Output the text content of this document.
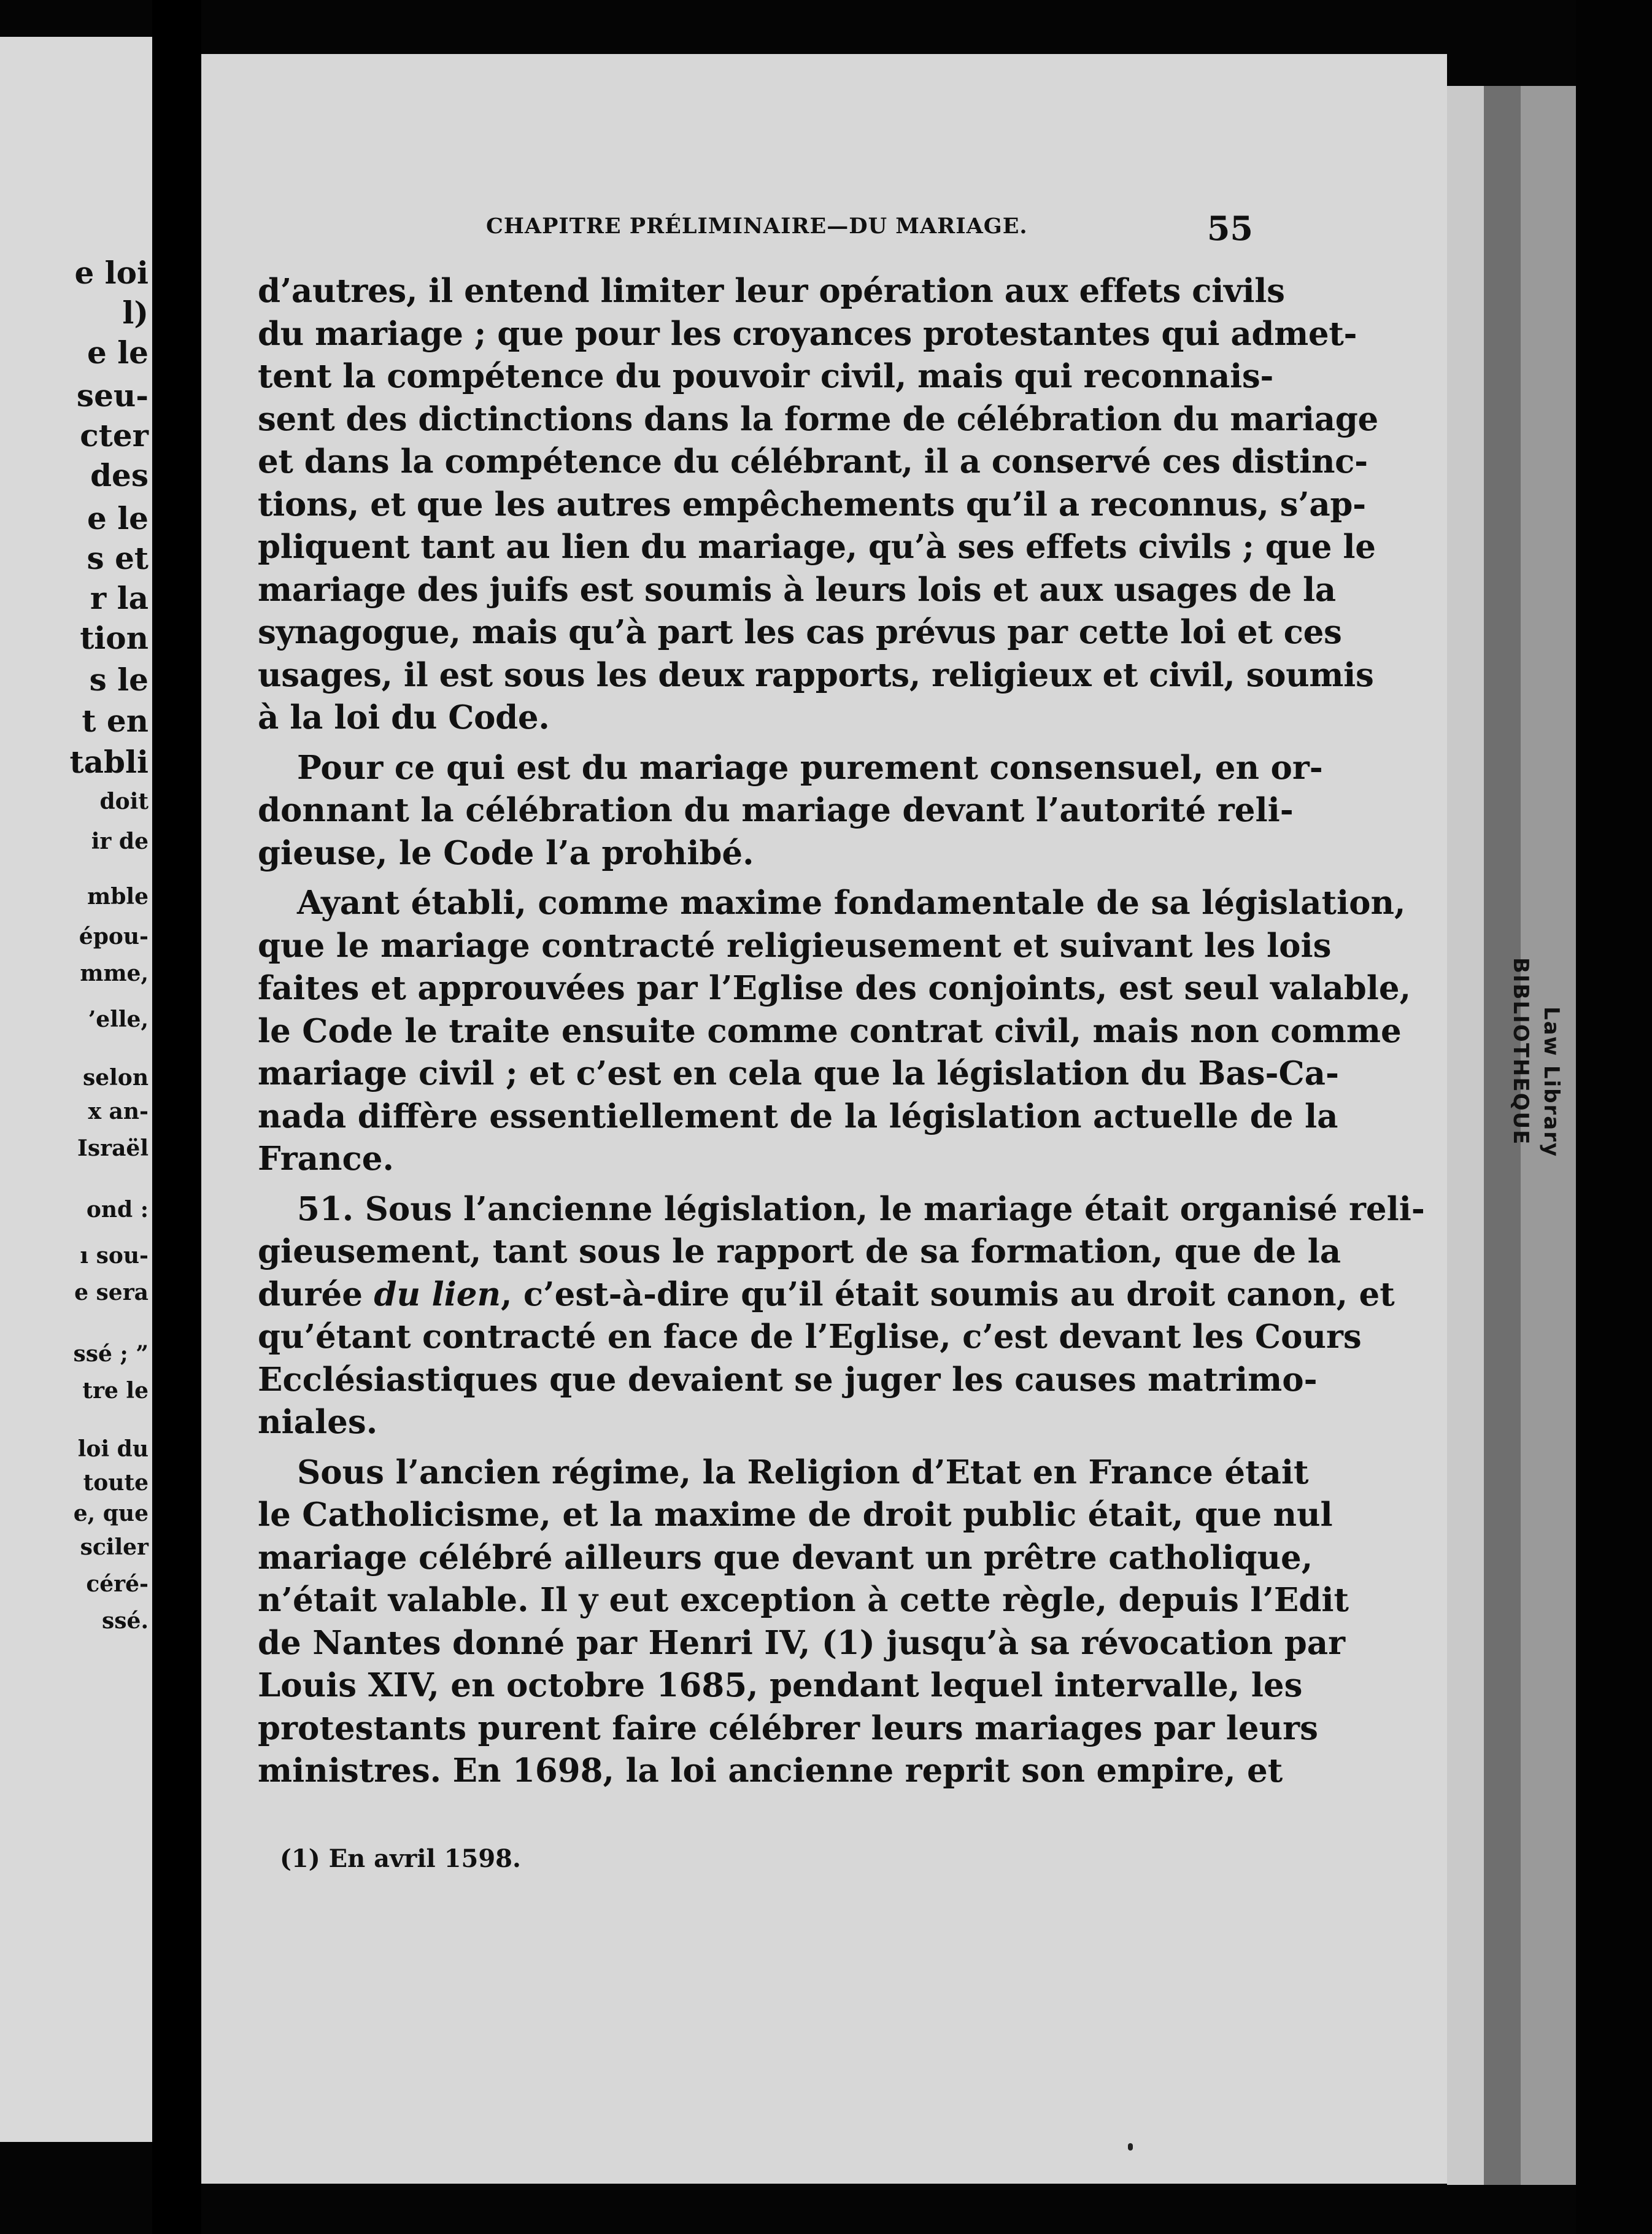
e loi
l)
e le
seu-
cter
des
e le
s et
r la
tion
s le
t en
tabli
doit
ir de
mble
épou-
mme,
’elle,
selon
x an-
Israël
ond :
ı sou-
e sera
ssé ; ”
tre le
loi du
toute
e, que
sciler
céré-
ssé.
BIBLIOTHEQUE Law Library
CHAPITRE PRÉLIMINAIRE—DU MARIAGE.	55
d’autres, il entend limiter leur opération aux effets civils
du mariage ; que pour les croyances protestantes qui admet-
tent la compétence du pouvoir civil, mais qui reconnais-
sent des dictinctions dans la forme de célébration du mariage
et dans la compétence du célébrant, il a conservé ces distinc-
tions, et que les autres empêchements qu’il a reconnus, s’ap-
pliquent tant au lien du mariage, qu’à ses effets civils ; que le
mariage des juifs est soumis à leurs lois et aux usages de la
synagogue, mais qu’à part les cas prévus par cette loi et ces
usages, il est sous les deux rapports, religieux et civil, soumis
à la loi du Code.
Pour ce qui est du mariage purement consensuel, en or-
donnant la célébration du mariage devant l’autorité reli-
gieuse, le Code l’a prohibé.
Ayant établi, comme maxime fondamentale de sa législation,
que le mariage contracté religieusement et suivant les lois
faites et approuvées par l’Eglise des conjoints, est seul valable,
le Code le traite ensuite comme contrat civil, mais non comme
mariage civil ; et c’est en cela que la législation du Bas-Ca-
nada diffère essentiellement de la législation actuelle de la
France.
51. Sous l’ancienne législation, le mariage était organisé reli-
gieusement, tant sous le rapport de sa formation, que de la
durée du lien, c’est-à-dire qu’il était soumis au droit canon, et
qu’étant contracté en face de l’Eglise, c’est devant les Cours
Ecclésiastiques que devaient se juger les causes matrimo-
niales.
Sous l’ancien régime, la Religion d’Etat en France était
le Catholicisme, et la maxime de droit public était, que nul
mariage célébré ailleurs que devant un prêtre catholique,
n’était valable. Il y eut exception à cette règle, depuis l’Edit
de Nantes donné par Henri IV, (1) jusqu’à sa révocation par
Louis XIV, en octobre 1685, pendant lequel intervalle, les
protestants purent faire célébrer leurs mariages par leurs
ministres. En 1698, la loi ancienne reprit son empire, et
(1) En avril 1598.
